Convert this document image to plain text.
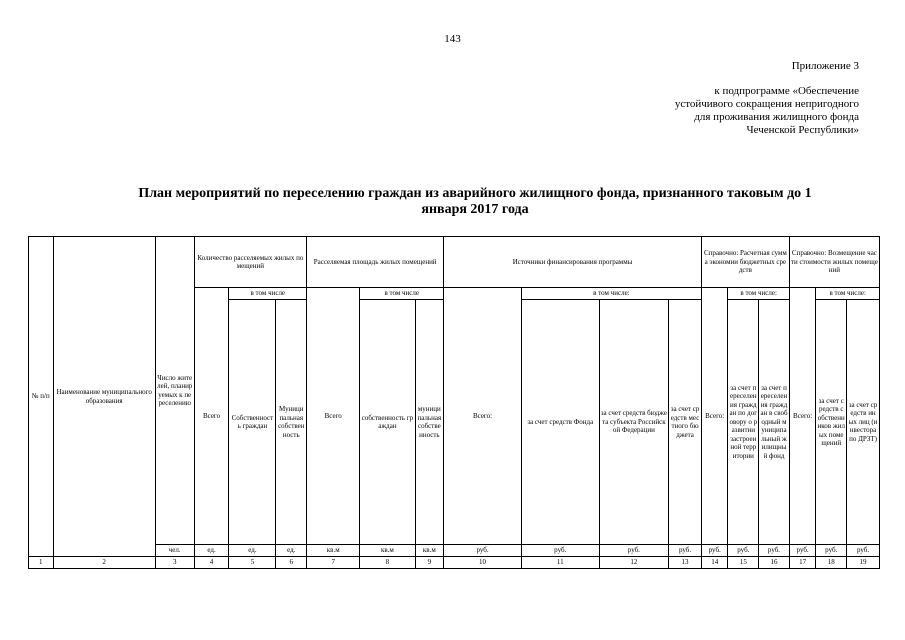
143
Приложение 3
к подпрограмме «Обеспечение
устойчивого сокращения непригодного
для проживания жилищного фонда
Чеченской Республики»
План мероприятий по переселению граждан из аварийного жилищного фонда, признанного таковым до 1
января 2017 года
№ п/п	Наименование муниципального образования	Число жителей, планируемых к переселению	Количество расселяемых жилых помещений			Расселяемая площадь жилых помещений			Источники финансирования программы				Справочно: Расчетная сумма экономии бюджетных средств			Справочно: Возмещение части стоимости жилых помещений		
			Всего	в том числе		Всего	в том числе		Всего:	в том числе:			Всего:	в том числе:		Всего:	в том числе:	
				Собственность граждан	Муниципальная собственность		собственность граждан	муниципальная собственность		за счет средств Фонда	за счет средств бюджета субъекта Российской Федерации	за счет средств местного бюджета		за счет переселения граждан по договору о развитии застроенной территории	за счет переселения граждан в свободный муниципальный жилищный фонд		за счет средств собственников жилых помещений	за счет средств иных лиц (инвестора по ДРЗТ)
		чел.	ед.	ед.	ед.	кв.м	кв.м	кв.м	руб.	руб.	руб.	руб.	руб.	руб.	руб.	руб.	руб.	руб.
1	2	3	4	5	6	7	8	9	10	11	12	13	14	15	16	17	18	19
